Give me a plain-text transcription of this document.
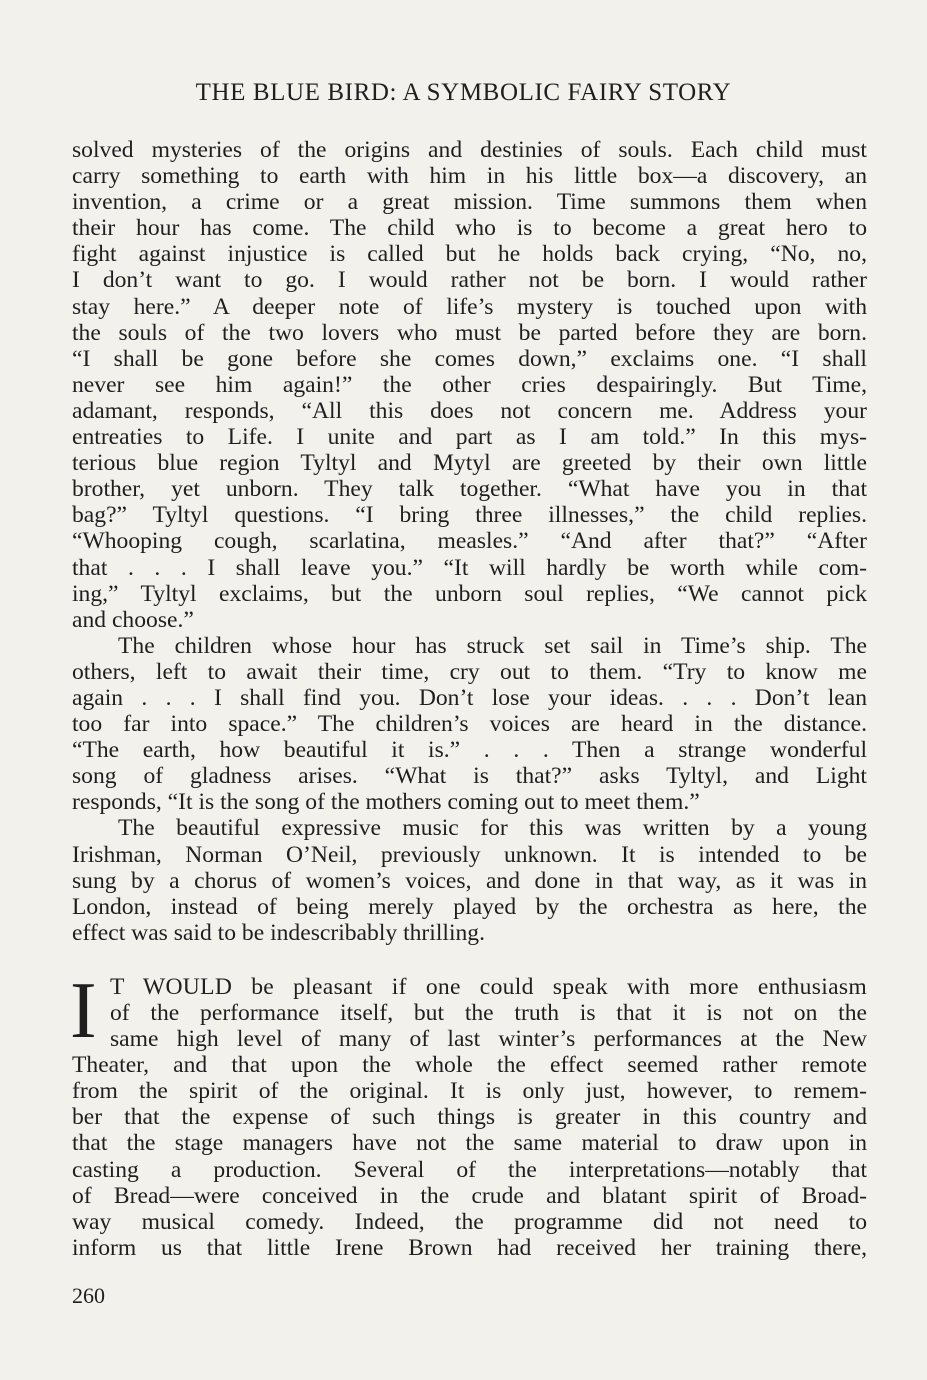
THE BLUE BIRD: A SYMBOLIC FAIRY STORY
solved mysteries of the origins and destinies of souls. Each child must
carry something to earth with him in his little box—a discovery, an
invention, a crime or a great mission. Time summons them when
their hour has come. The child who is to become a great hero to
fight against injustice is called but he holds back crying, “No, no,
I don’t want to go. I would rather not be born. I would rather
stay here.” A deeper note of life’s mystery is touched upon with
the souls of the two lovers who must be parted before they are born.
“I shall be gone before she comes down,” exclaims one. “I shall
never see him again!” the other cries despairingly. But Time,
adamant, responds, “All this does not concern me. Address your
entreaties to Life. I unite and part as I am told.” In this mys-
terious blue region Tyltyl and Mytyl are greeted by their own little
brother, yet unborn. They talk together. “What have you in that
bag?” Tyltyl questions. “I bring three illnesses,” the child replies.
“Whooping cough, scarlatina, measles.” “And after that?” “After
that . . . I shall leave you.” “It will hardly be worth while com-
ing,” Tyltyl exclaims, but the unborn soul replies, “We cannot pick
and choose.”
The children whose hour has struck set sail in Time’s ship. The
others, left to await their time, cry out to them. “Try to know me
again . . . I shall find you. Don’t lose your ideas. . . . Don’t lean
too far into space.” The children’s voices are heard in the distance.
“The earth, how beautiful it is.” . . . Then a strange wonderful
song of gladness arises. “What is that?” asks Tyltyl, and Light
responds, “It is the song of the mothers coming out to meet them.”
The beautiful expressive music for this was written by a young
Irishman, Norman O’Neil, previously unknown. It is intended to be
sung by a chorus of women’s voices, and done in that way, as it was in
London, instead of being merely played by the orchestra as here, the
effect was said to be indescribably thrilling.
I T WOULD be pleasant if one could speak with more enthusiasm
of the performance itself, but the truth is that it is not on the
same high level of many of last winter’s performances at the New
Theater, and that upon the whole the effect seemed rather remote
from the spirit of the original. It is only just, however, to remem-
ber that the expense of such things is greater in this country and
that the stage managers have not the same material to draw upon in
casting a production. Several of the interpretations—notably that
of Bread—were conceived in the crude and blatant spirit of Broad-
way musical comedy. Indeed, the programme did not need to
inform us that little Irene Brown had received her training there,
260
